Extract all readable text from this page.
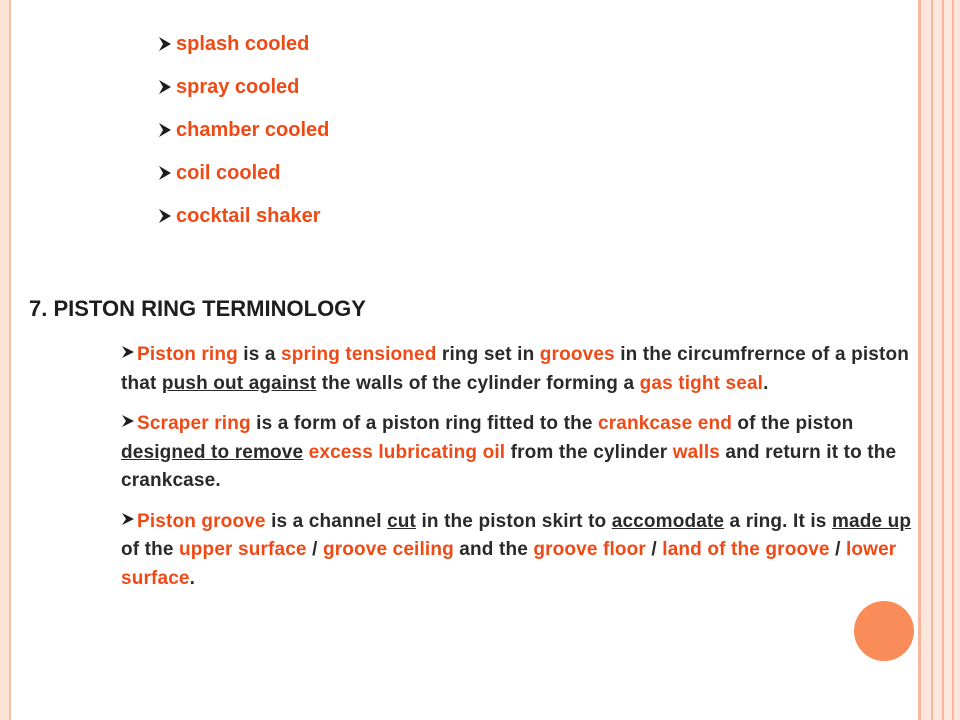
splash cooled
spray cooled
chamber cooled
coil cooled
cocktail shaker
7. PISTON RING TERMINOLOGY

Piston ring is a spring tensioned ring set in grooves in the circumfrernce of a piston that push out against the walls of the cylinder forming a gas tight seal.

Scraper ring is a form of a piston ring fitted to the crankcase end of the piston designed to remove excess lubricating oil from the cylinder walls and return it to the crankcase.

Piston groove is a channel cut in the piston skirt to accomodate a ring. It is made up of the upper surface / groove ceiling and the groove floor / land of the groove / lower surface.
